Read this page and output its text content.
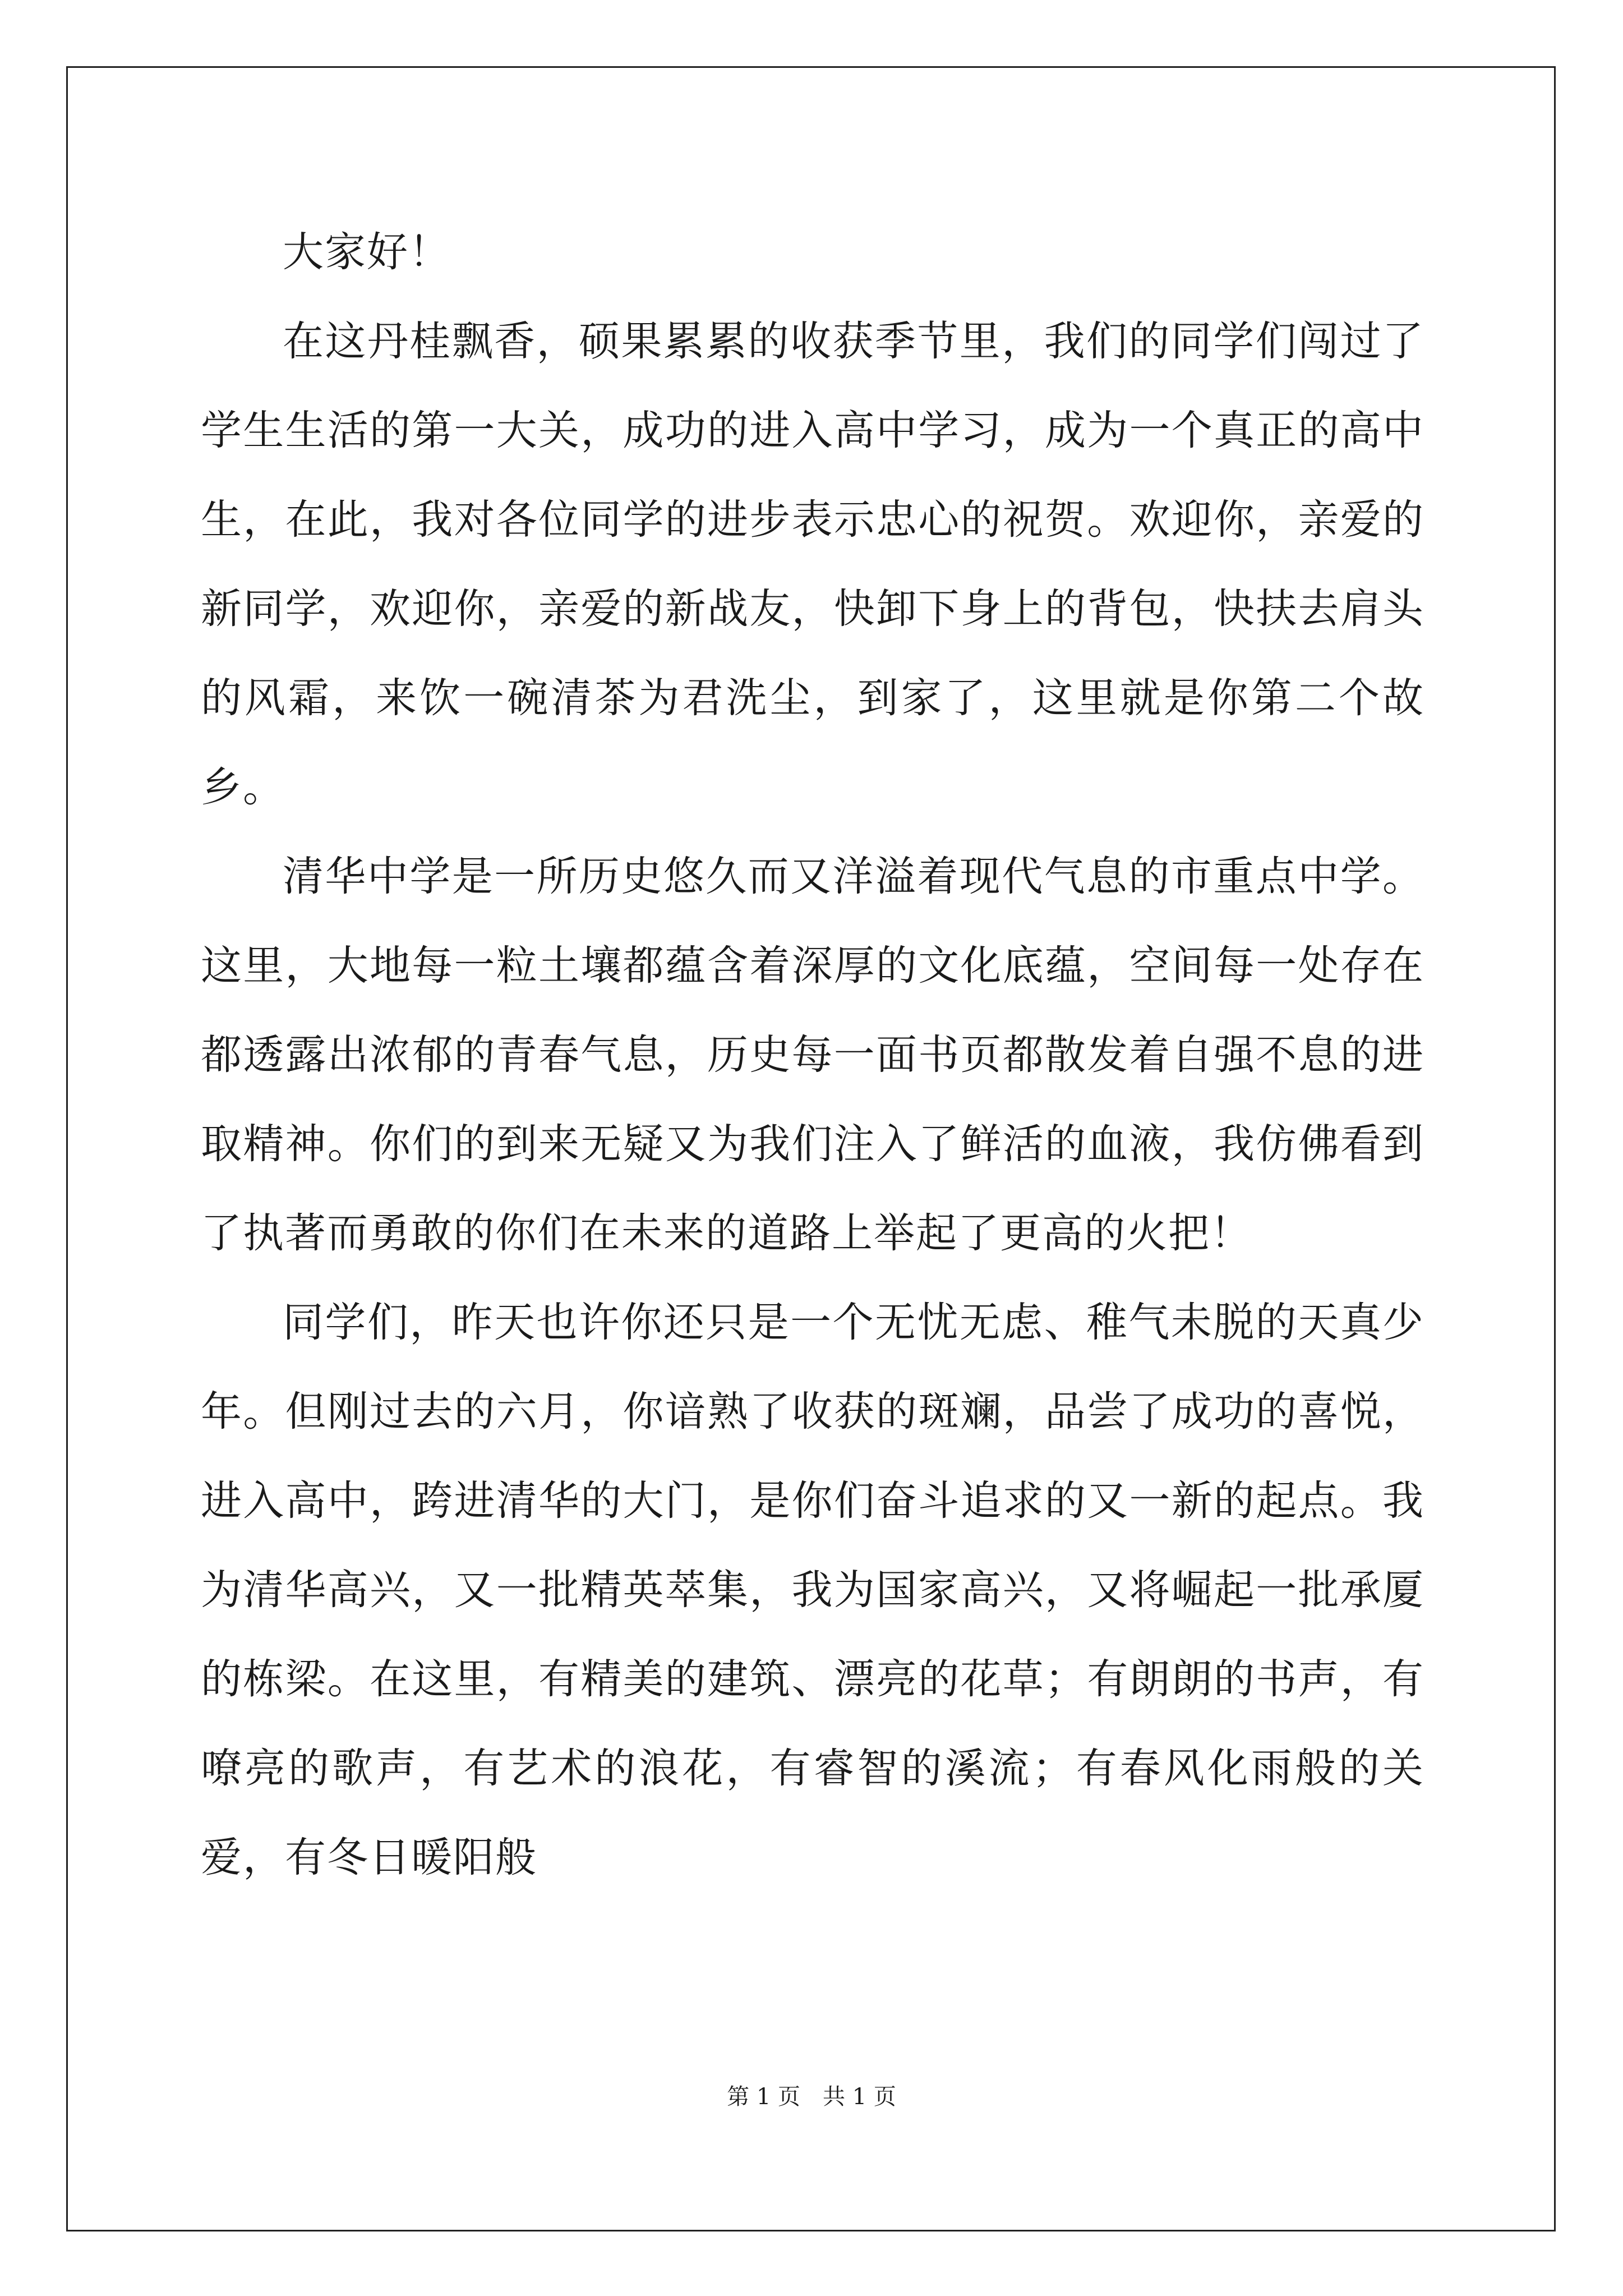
大家好！

在这丹桂飘香，硕果累累的收获季节里，我们的同学们闯过了学生生活的第一大关，成功的进入高中学习，成为一个真正的高中生，在此，我对各位同学的进步表示忠心的祝贺。欢迎你，亲爱的新同学，欢迎你，亲爱的新战友，快卸下身上的背包，快扶去肩头的风霜，来饮一碗清茶为君洗尘，到家了，这里就是你第二个故乡。

清华中学是一所历史悠久而又洋溢着现代气息的市重点中学。这里，大地每一粒土壤都蕴含着深厚的文化底蕴，空间每一处存在都透露出浓郁的青春气息，历史每一面书页都散发着自强不息的进取精神。你们的到来无疑又为我们注入了鲜活的血液，我仿佛看到了执著而勇敢的你们在未来的道路上举起了更高的火把！

同学们，昨天也许你还只是一个无忧无虑、稚气未脱的天真少年。但刚过去的六月，你谙熟了收获的斑斓，品尝了成功的喜悦，进入高中，跨进清华的大门，是你们奋斗追求的又一新的起点。我为清华高兴，又一批精英萃集，我为国家高兴，又将崛起一批承厦的栋梁。在这里，有精美的建筑、漂亮的花草；有朗朗的书声，有嘹亮的歌声，有艺术的浪花，有睿智的溪流；有春风化雨般的关爱，有冬日暖阳般

第 1 页 共 1 页
